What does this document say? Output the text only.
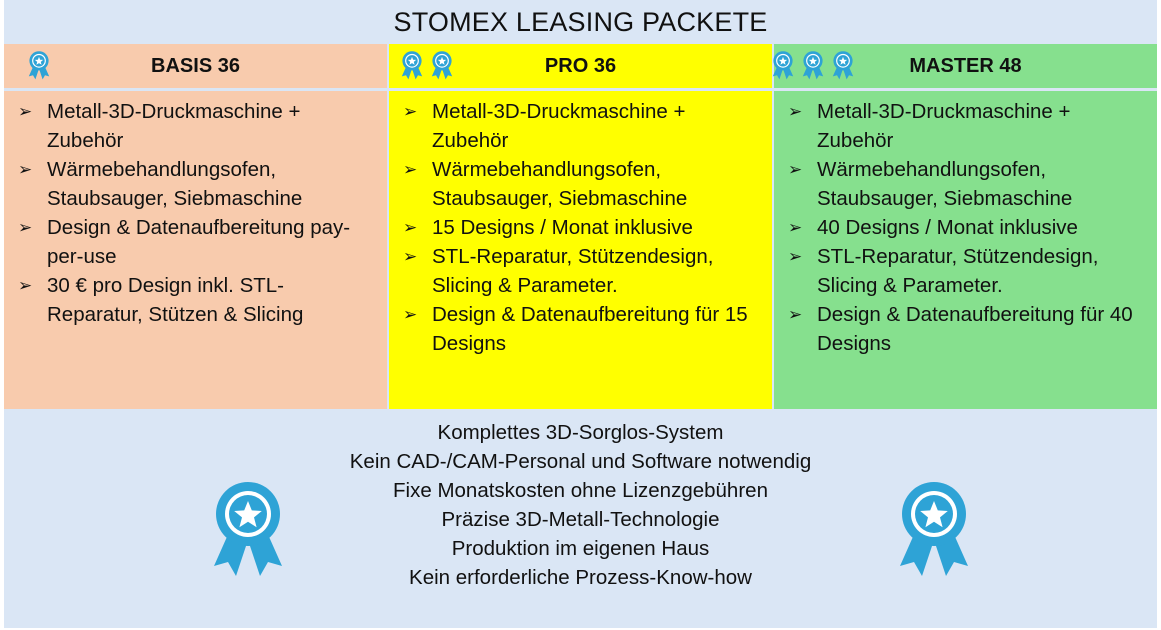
STOMEX LEASING PACKETE
BASIS 36	PRO 36	MASTER 48
➢ Metall-3D-Druckmaschine + Zubehör
➢ Wärmebehandlungsofen, Staubsauger, Siebmaschine
➢ Design & Datenaufbereitung pay-per-use
➢ 30 € pro Design inkl. STL-Reparatur, Stützen & Slicing
➢ Metall-3D-Druckmaschine + Zubehör
➢ Wärmebehandlungsofen, Staubsauger, Siebmaschine
➢ 15 Designs / Monat inklusive
➢ STL-Reparatur, Stützendesign, Slicing & Parameter.
➢ Design & Datenaufbereitung für 15 Designs
➢ Metall-3D-Druckmaschine + Zubehör
➢ Wärmebehandlungsofen, Staubsauger, Siebmaschine
➢ 40 Designs / Monat inklusive
➢ STL-Reparatur, Stützendesign, Slicing & Parameter.
➢ Design & Datenaufbereitung für 40 Designs
Komplettes 3D-Sorglos-System
Kein CAD-/CAM-Personal und Software notwendig
Fixe Monatskosten ohne Lizenzgebühren
Präzise 3D-Metall-Technologie
Produktion im eigenen Haus
Kein erforderliche Prozess-Know-how
